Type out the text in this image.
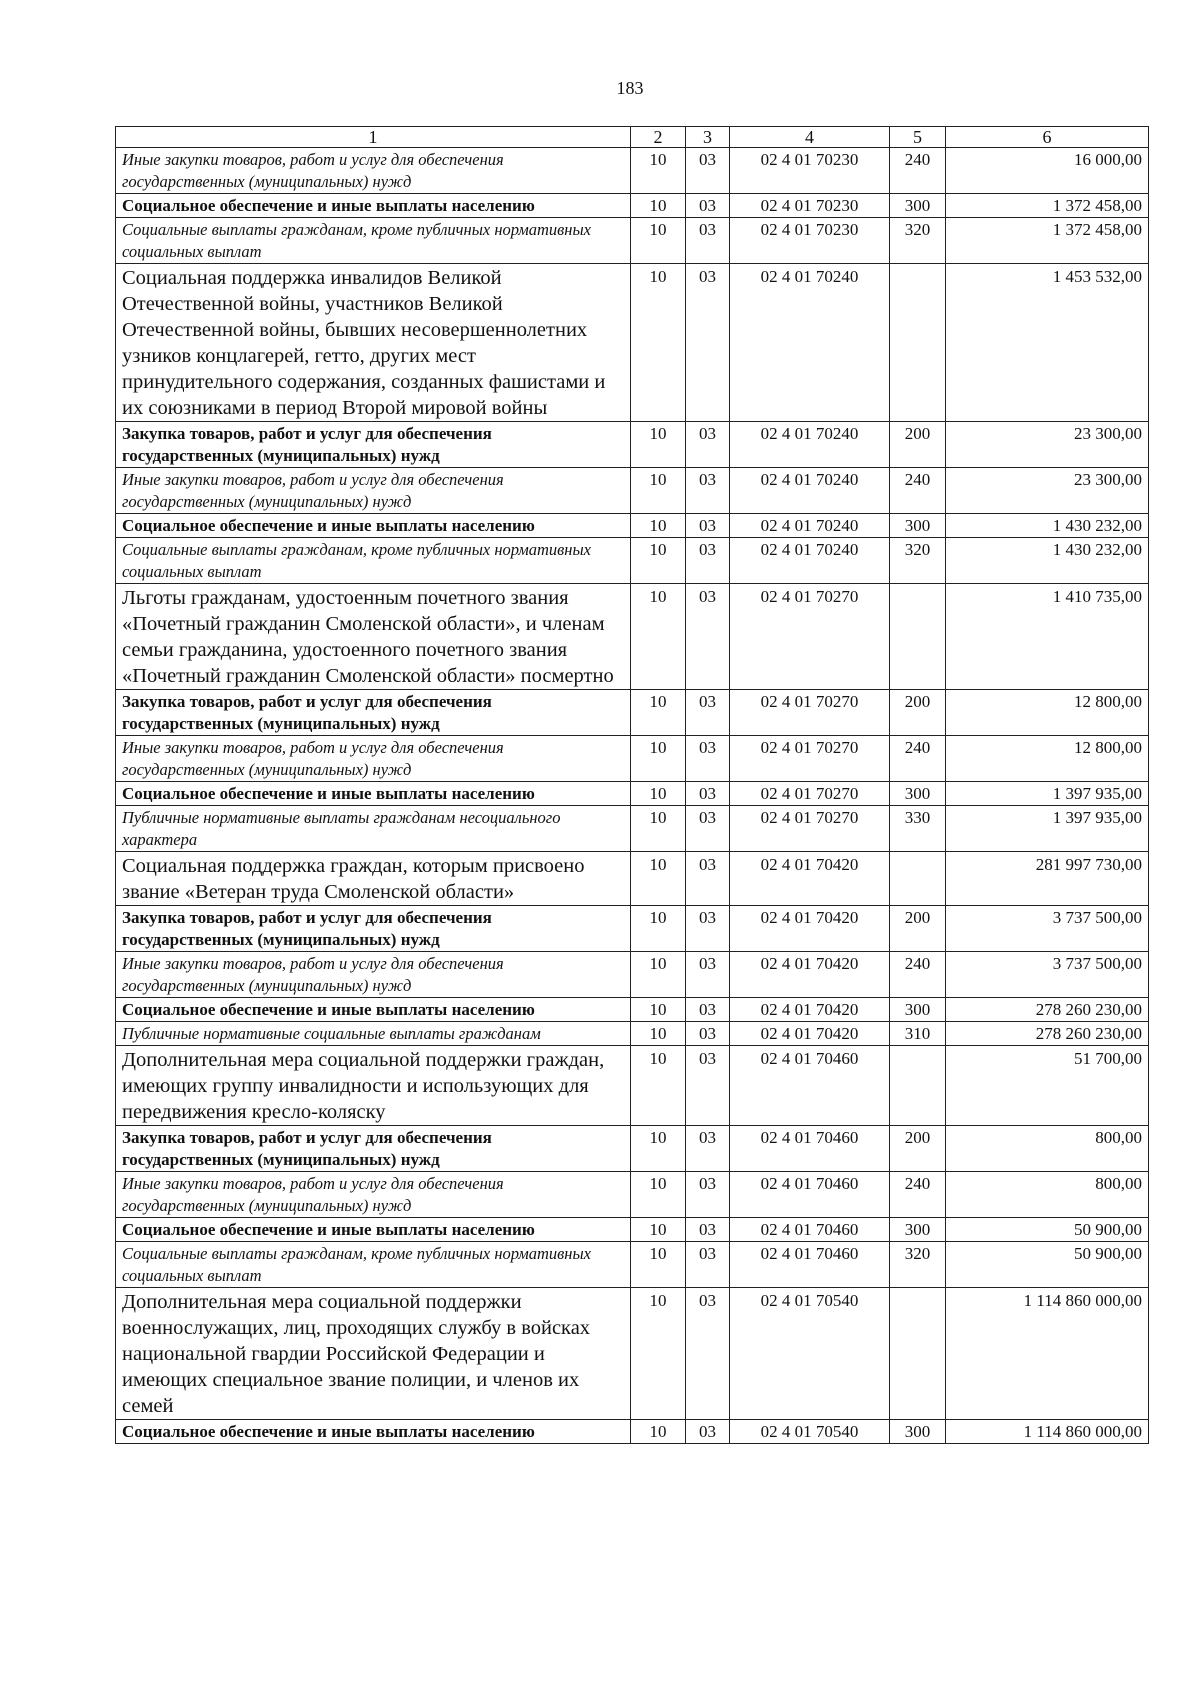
183
1	2	3	4	5	6
Иные закупки товаров, работ и услуг для обеспечения государственных (муниципальных) нужд	10	03	02 4 01 70230	240	16 000,00
Социальное обеспечение и иные выплаты населению	10	03	02 4 01 70230	300	1 372 458,00
Социальные выплаты гражданам, кроме публичных нормативных социальных выплат	10	03	02 4 01 70230	320	1 372 458,00
Социальная поддержка инвалидов Великой Отечественной войны, участников Великой Отечественной войны, бывших несовершеннолетних узников концлагерей, гетто, других мест принудительного содержания, созданных фашистами и их союзниками в период Второй мировой войны	10	03	02 4 01 70240		1 453 532,00
Закупка товаров, работ и услуг для обеспечения государственных (муниципальных) нужд	10	03	02 4 01 70240	200	23 300,00
Иные закупки товаров, работ и услуг для обеспечения государственных (муниципальных) нужд	10	03	02 4 01 70240	240	23 300,00
Социальное обеспечение и иные выплаты населению	10	03	02 4 01 70240	300	1 430 232,00
Социальные выплаты гражданам, кроме публичных нормативных социальных выплат	10	03	02 4 01 70240	320	1 430 232,00
Льготы гражданам, удостоенным почетного звания «Почетный гражданин Смоленской области», и членам семьи гражданина, удостоенного почетного звания «Почетный гражданин Смоленской области» посмертно	10	03	02 4 01 70270		1 410 735,00
Закупка товаров, работ и услуг для обеспечения государственных (муниципальных) нужд	10	03	02 4 01 70270	200	12 800,00
Иные закупки товаров, работ и услуг для обеспечения государственных (муниципальных) нужд	10	03	02 4 01 70270	240	12 800,00
Социальное обеспечение и иные выплаты населению	10	03	02 4 01 70270	300	1 397 935,00
Публичные нормативные выплаты гражданам несоциального характера	10	03	02 4 01 70270	330	1 397 935,00
Социальная поддержка граждан, которым присвоено звание «Ветеран труда Смоленской области»	10	03	02 4 01 70420		281 997 730,00
Закупка товаров, работ и услуг для обеспечения государственных (муниципальных) нужд	10	03	02 4 01 70420	200	3 737 500,00
Иные закупки товаров, работ и услуг для обеспечения государственных (муниципальных) нужд	10	03	02 4 01 70420	240	3 737 500,00
Социальное обеспечение и иные выплаты населению	10	03	02 4 01 70420	300	278 260 230,00
Публичные нормативные социальные выплаты гражданам	10	03	02 4 01 70420	310	278 260 230,00
Дополнительная мера социальной поддержки граждан, имеющих группу инвалидности и использующих для передвижения кресло-коляску	10	03	02 4 01 70460		51 700,00
Закупка товаров, работ и услуг для обеспечения государственных (муниципальных) нужд	10	03	02 4 01 70460	200	800,00
Иные закупки товаров, работ и услуг для обеспечения государственных (муниципальных) нужд	10	03	02 4 01 70460	240	800,00
Социальное обеспечение и иные выплаты населению	10	03	02 4 01 70460	300	50 900,00
Социальные выплаты гражданам, кроме публичных нормативных социальных выплат	10	03	02 4 01 70460	320	50 900,00
Дополнительная мера социальной поддержки военнослужащих, лиц, проходящих службу в войсках национальной гвардии Российской Федерации и имеющих специальное звание полиции, и членов их семей	10	03	02 4 01 70540		1 114 860 000,00
Социальное обеспечение и иные выплаты населению	10	03	02 4 01 70540	300	1 114 860 000,00
